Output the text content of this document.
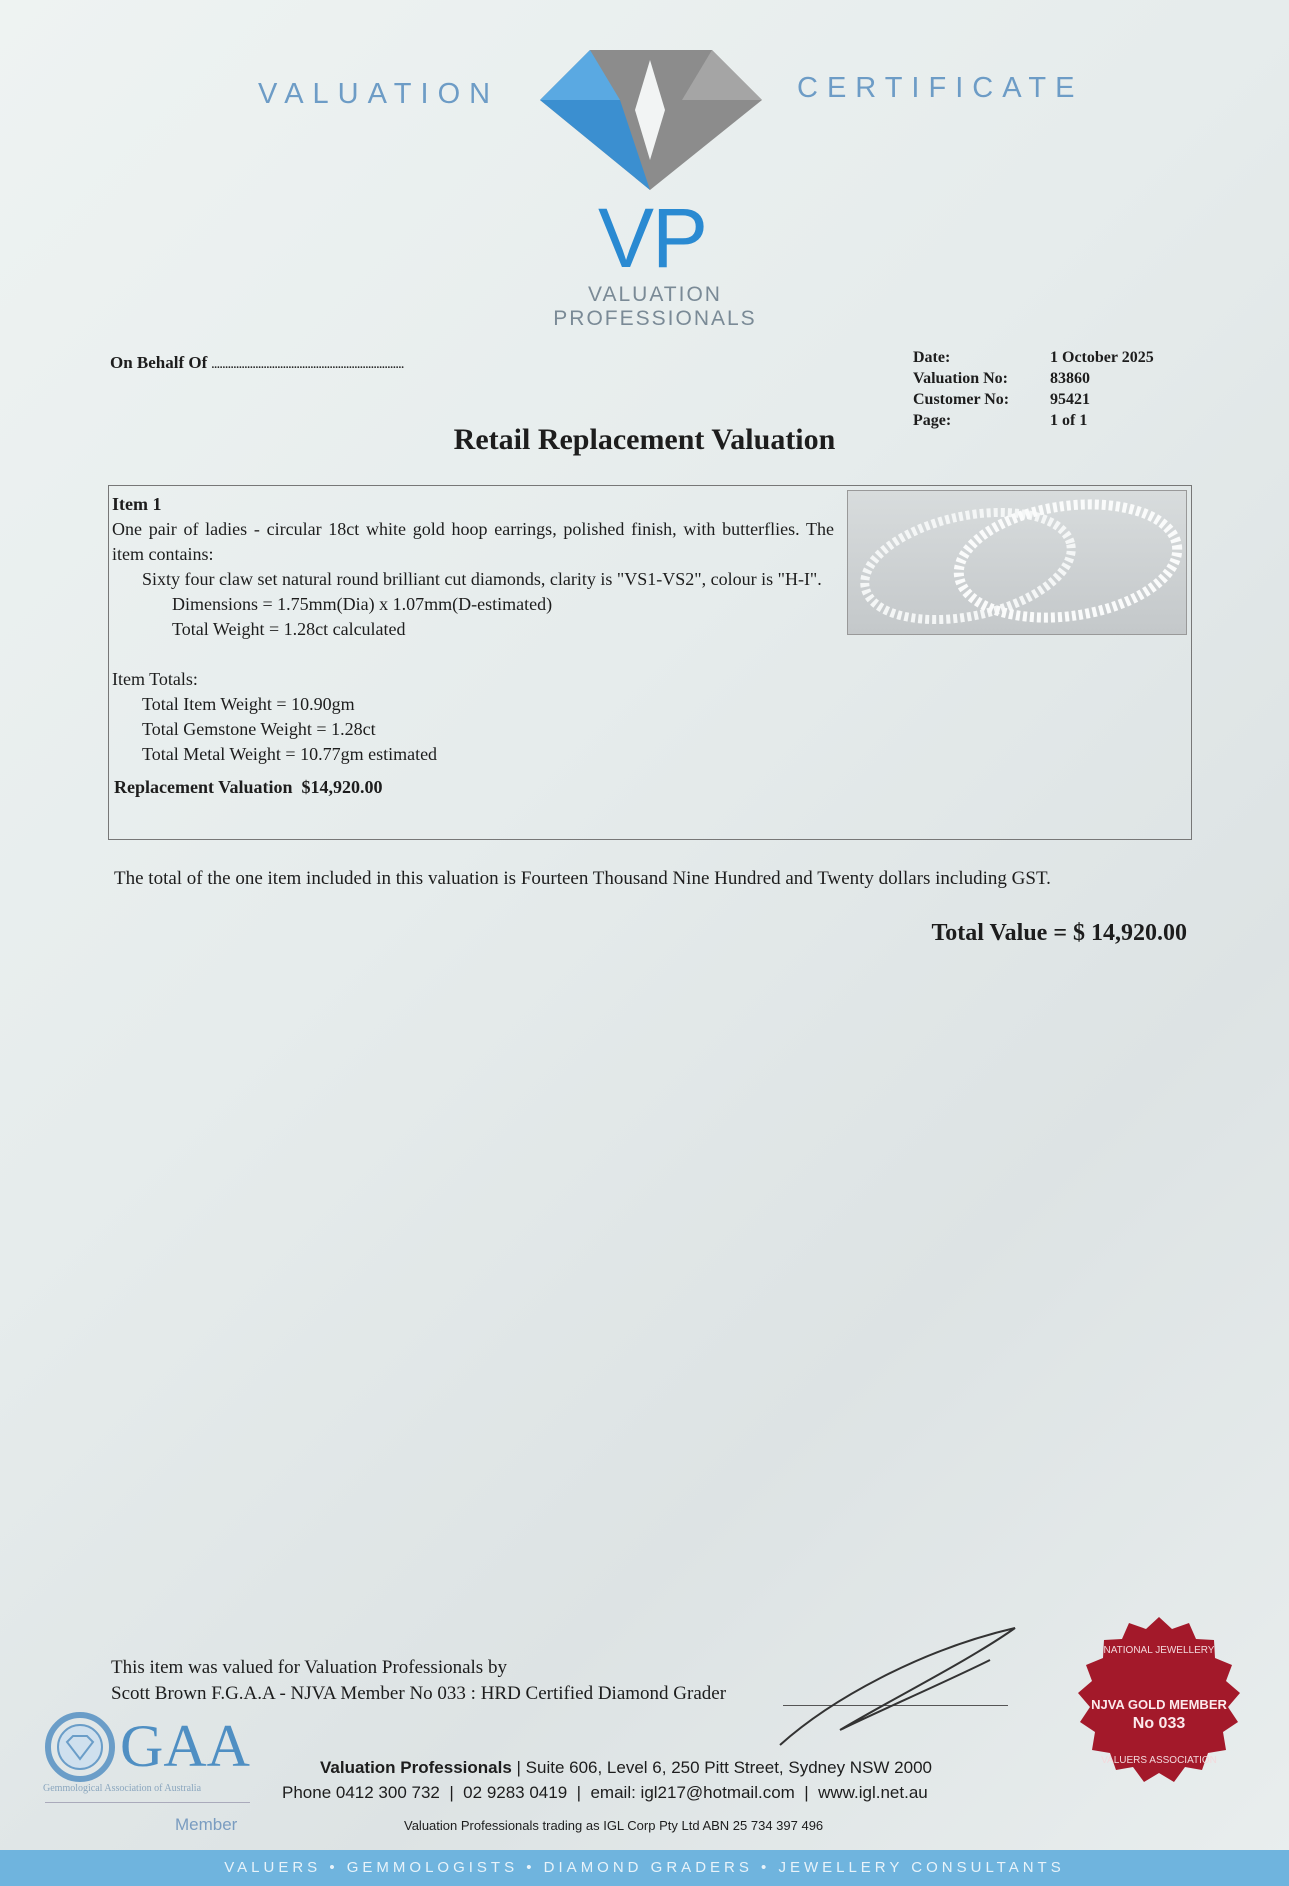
VALUATION	CERTIFICATE
VP
VALUATION
PROFESSIONALS
On Behalf Of ......................................................................	Date:	1 October 2025
Valuation No:	83860
Customer No:	95421
Page:	1 of 1
Retail Replacement Valuation
Item 1
One pair of ladies - circular 18ct white gold hoop earrings, polished finish, with butterflies. The item contains:
Sixty four claw set natural round brilliant cut diamonds, clarity is "VS1-VS2", colour is "H-I".
Dimensions = 1.75mm(Dia) x 1.07mm(D-estimated)
Total Weight = 1.28ct calculated
Item Totals:
Total Item Weight = 10.90gm
Total Gemstone Weight = 1.28ct
Total Metal Weight = 10.77gm estimated
Replacement Valuation $14,920.00
The total of the one item included in this valuation is Fourteen Thousand Nine Hundred and Twenty dollars including GST.
Total Value = $ 14,920.00
This item was valued for Valuation Professionals by
Scott Brown F.G.A.A - NJVA Member No 033 : HRD Certified Diamond Grader
GAA
Gemmological Association of Australia
Member
Valuation Professionals | Suite 606, Level 6, 250 Pitt Street, Sydney NSW 2000
Phone 0412 300 732  |  02 9283 0419  |  email: igl217@hotmail.com  |  www.igl.net.au
Valuation Professionals trading as IGL Corp Pty Ltd ABN 25 734 397 496
NATIONAL JEWELLERY
NJVA GOLD MEMBER
No 033
VALUERS ASSOCIATION
VALUERS • GEMMOLOGISTS • DIAMOND GRADERS • JEWELLERY CONSULTANTS
